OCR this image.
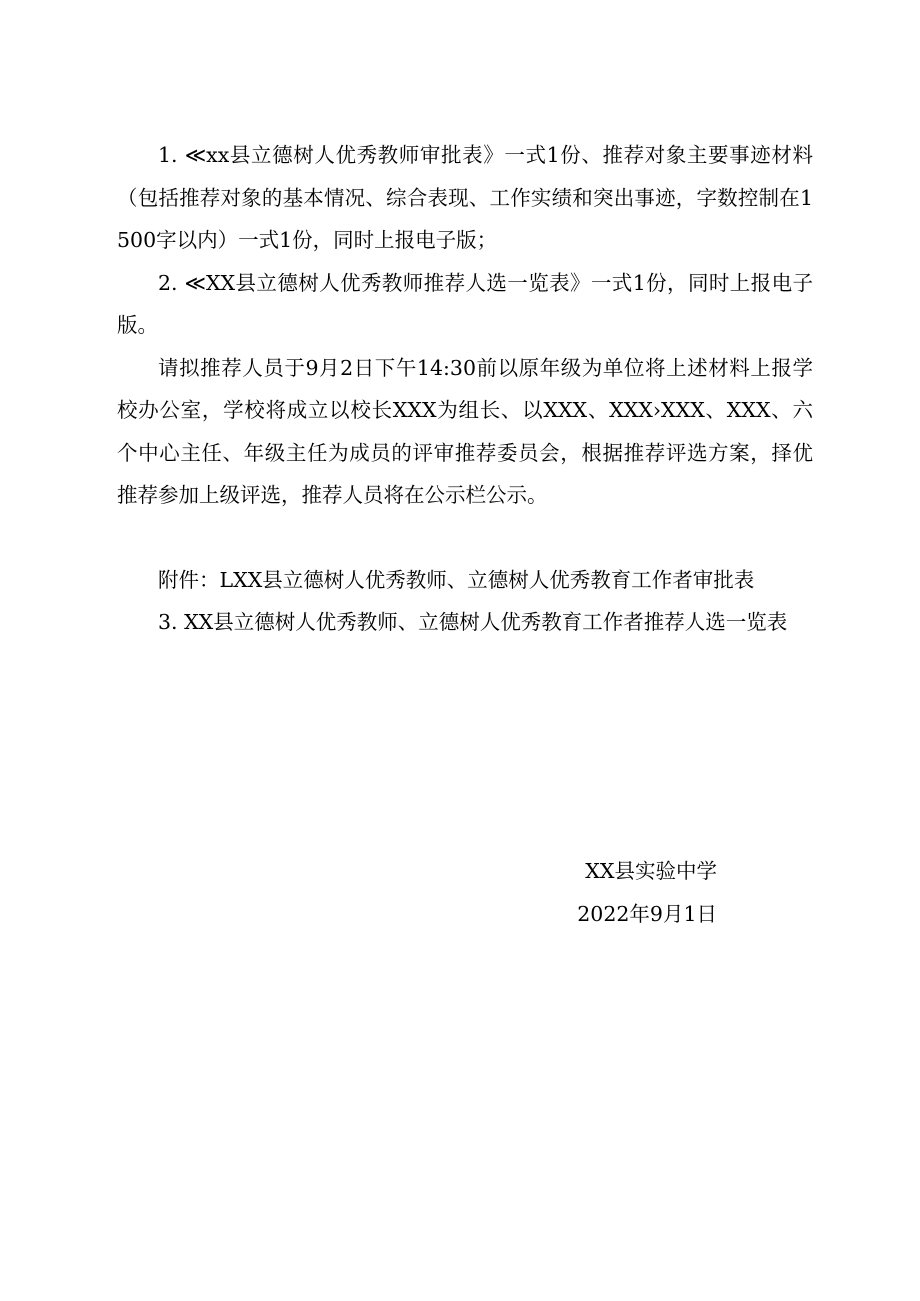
1. ≪xx县立德树人优秀教师审批表》一式1份、推荐对象主要事迹材料（包括推荐对象的基本情况、综合表现、工作实绩和突出事迹，字数控制在1500字以内）一式1份，同时上报电子版；

2. ≪XX县立德树人优秀教师推荐人选一览表》一式1份，同时上报电子版。

请拟推荐人员于9月2日下午14:30前以原年级为单位将上述材料上报学校办公室，学校将成立以校长XXX为组长、以XXX、XXX›XXX、XXX、六个中心主任、年级主任为成员的评审推荐委员会，根据推荐评选方案，择优推荐参加上级评选，推荐人员将在公示栏公示。

附件：LXX县立德树人优秀教师、立德树人优秀教育工作者审批表

3. XX县立德树人优秀教师、立德树人优秀教育工作者推荐人选一览表

XX县实验中学
2022年9月1日
